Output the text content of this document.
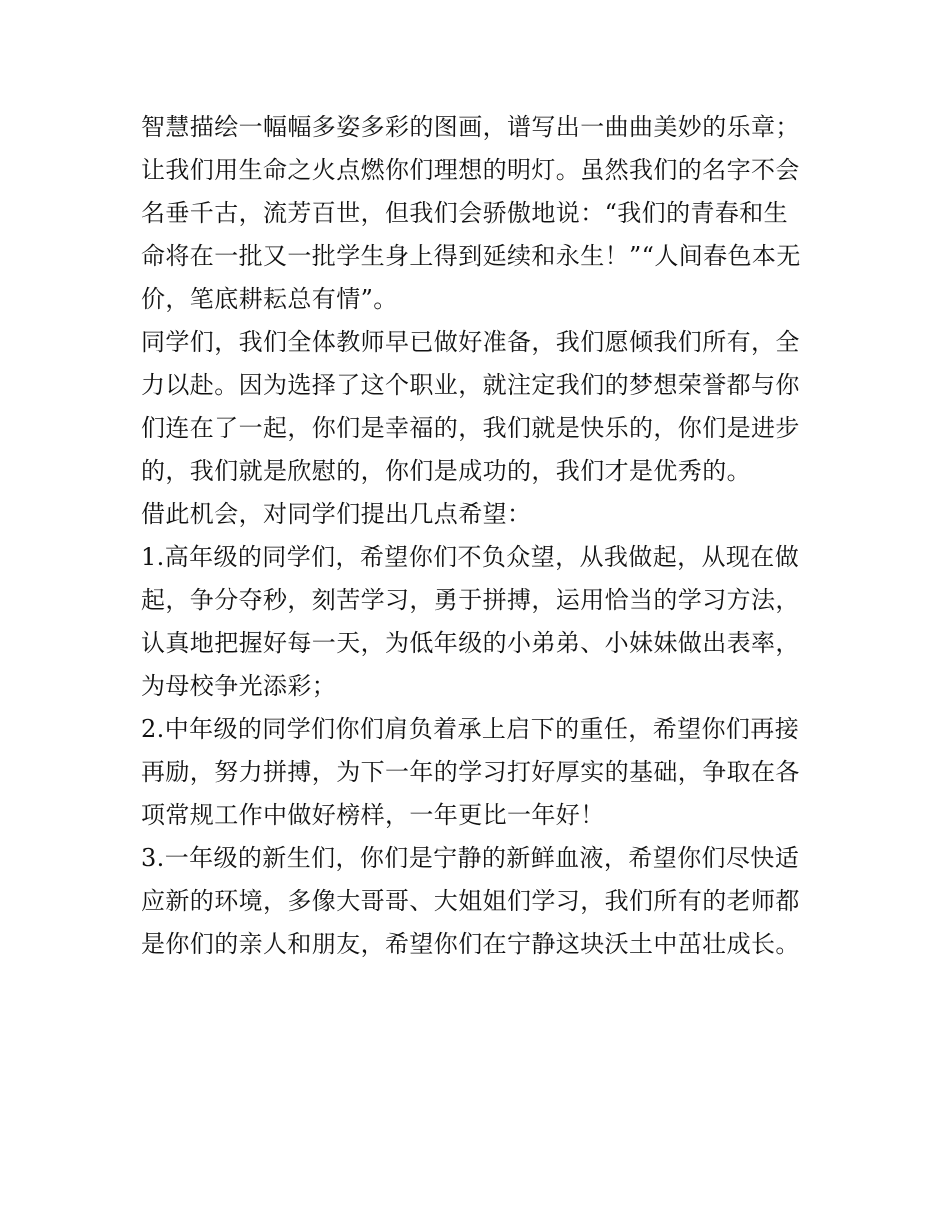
智慧描绘一幅幅多姿多彩的图画，谱写出一曲曲美妙的乐章；
让我们用生命之火点燃你们理想的明灯。虽然我们的名字不会
名垂千古，流芳百世，但我们会骄傲地说：“我们的青春和生
命将在一批又一批学生身上得到延续和永生！”“人间春色本无
价，笔底耕耘总有情”。
同学们，我们全体教师早已做好准备，我们愿倾我们所有，全
力以赴。因为选择了这个职业，就注定我们的梦想荣誉都与你
们连在了一起，你们是幸福的，我们就是快乐的，你们是进步
的，我们就是欣慰的，你们是成功的，我们才是优秀的。
借此机会，对同学们提出几点希望：
1.高年级的同学们，希望你们不负众望，从我做起，从现在做
起，争分夺秒，刻苦学习，勇于拼搏，运用恰当的学习方法，
认真地把握好每一天，为低年级的小弟弟、小妹妹做出表率，
为母校争光添彩；
2.中年级的同学们你们肩负着承上启下的重任，希望你们再接
再励，努力拼搏，为下一年的学习打好厚实的基础，争取在各
项常规工作中做好榜样，一年更比一年好！
3.一年级的新生们，你们是宁静的新鲜血液，希望你们尽快适
应新的环境，多像大哥哥、大姐姐们学习，我们所有的老师都
是你们的亲人和朋友，希望你们在宁静这块沃土中茁壮成长。
